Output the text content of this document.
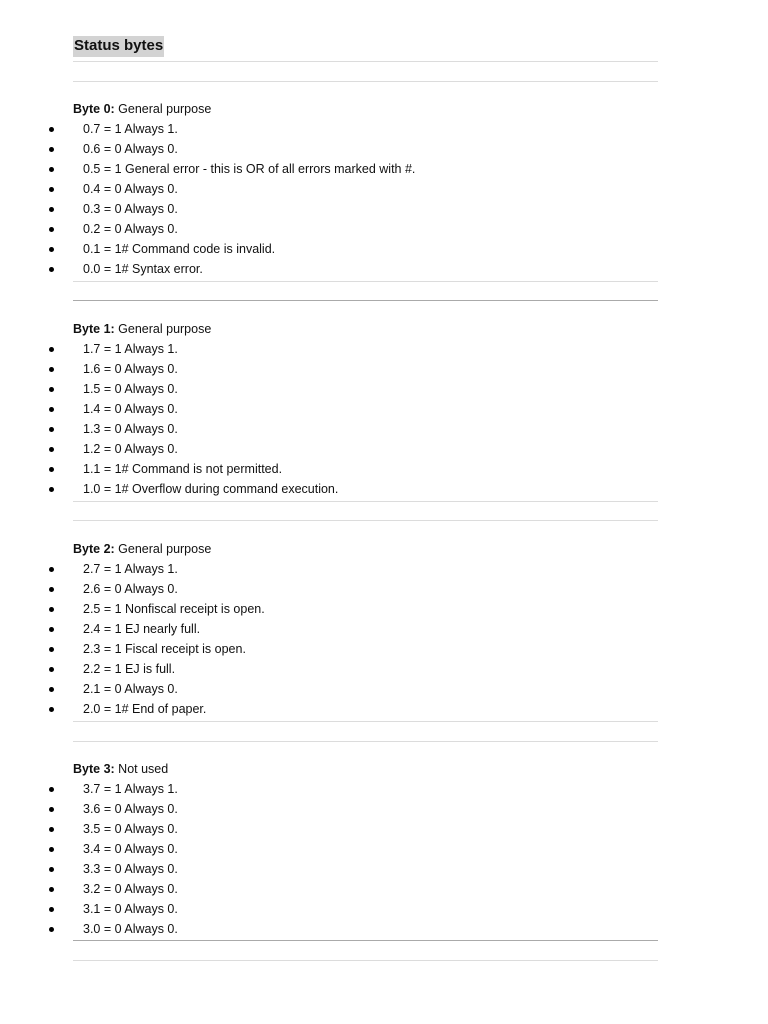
Status bytes
Byte 0: General purpose
0.7 = 1 Always 1.
0.6 = 0 Always 0.
0.5 = 1 General error - this is OR of all errors marked with #.
0.4 = 0 Always 0.
0.3 = 0 Always 0.
0.2 = 0 Always 0.
0.1 = 1# Command code is invalid.
0.0 = 1# Syntax error.
Byte 1: General purpose
1.7 = 1 Always 1.
1.6 = 0 Always 0.
1.5 = 0 Always 0.
1.4 = 0 Always 0.
1.3 = 0 Always 0.
1.2 = 0 Always 0.
1.1 = 1# Command is not permitted.
1.0 = 1# Overflow during command execution.
Byte 2: General purpose
2.7 = 1 Always 1.
2.6 = 0 Always 0.
2.5 = 1 Nonfiscal receipt is open.
2.4 = 1 EJ nearly full.
2.3 = 1 Fiscal receipt is open.
2.2 = 1 EJ is full.
2.1 = 0 Always 0.
2.0 = 1# End of paper.
Byte 3: Not used
3.7 = 1 Always 1.
3.6 = 0 Always 0.
3.5 = 0 Always 0.
3.4 = 0 Always 0.
3.3 = 0 Always 0.
3.2 = 0 Always 0.
3.1 = 0 Always 0.
3.0 = 0 Always 0.
